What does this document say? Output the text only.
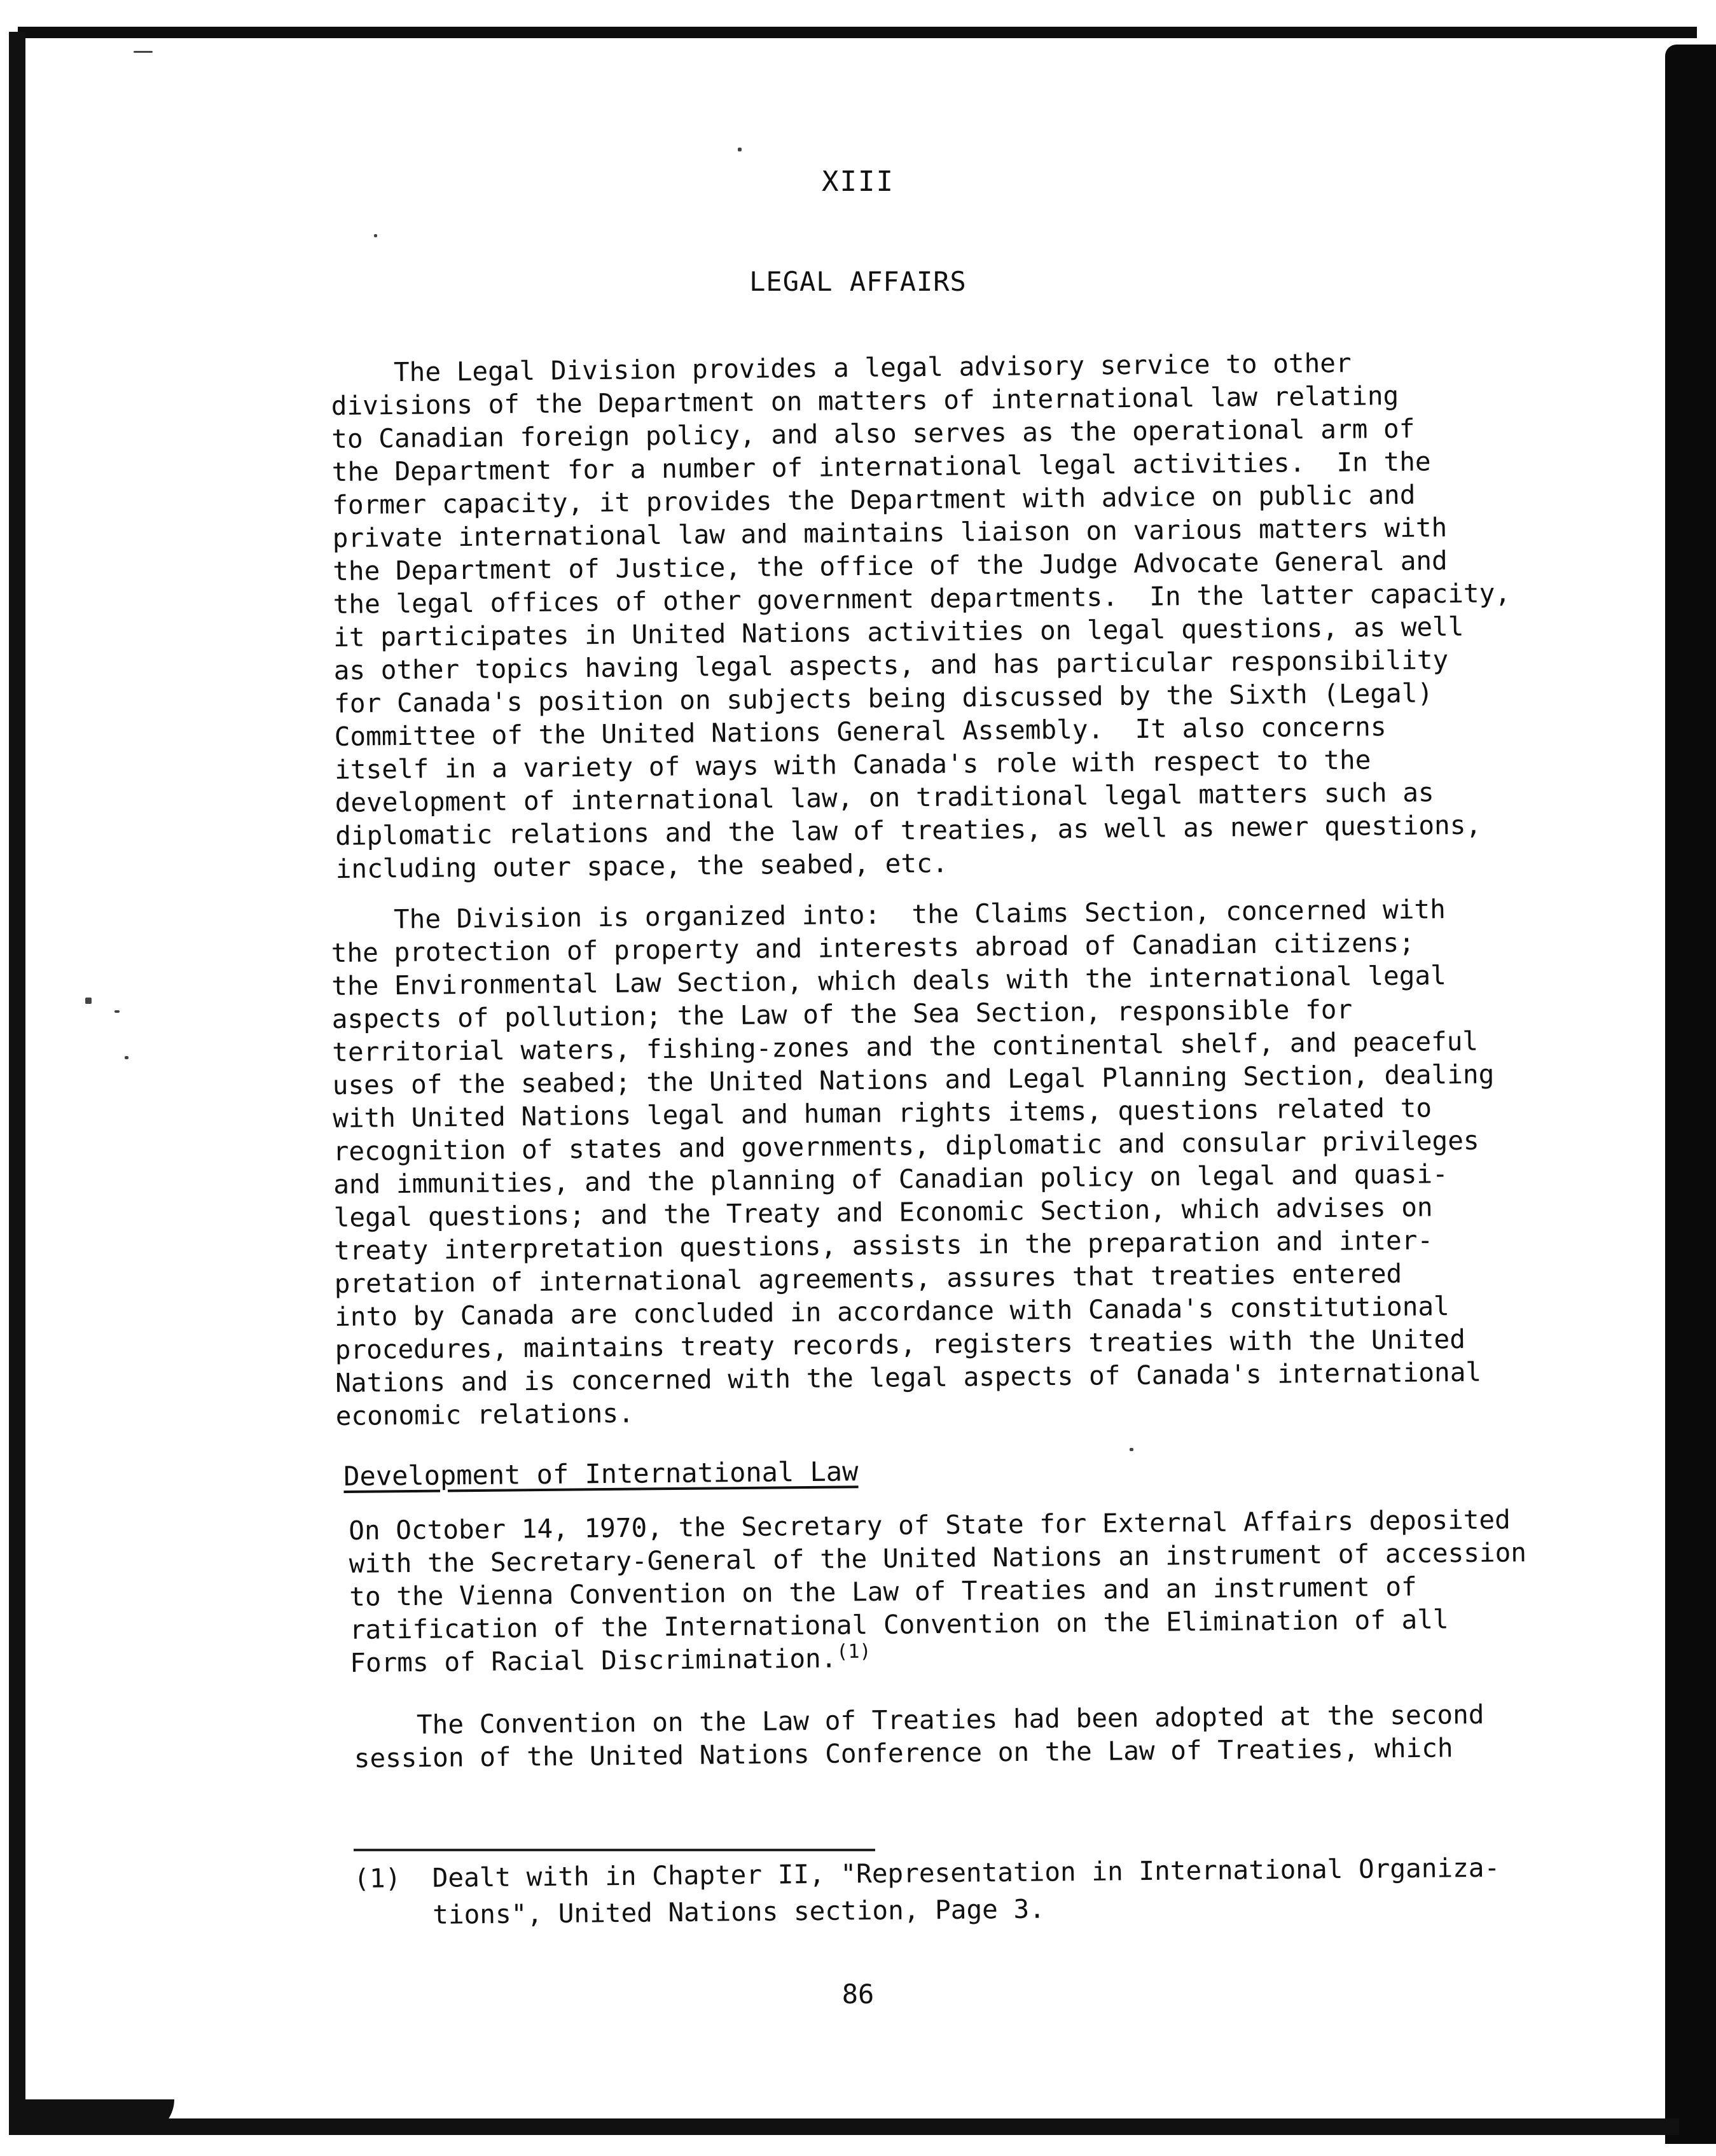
XIII
LEGAL AFFAIRS
The Legal Division provides a legal advisory service to other
divisions of the Department on matters of international law relating
to Canadian foreign policy, and also serves as the operational arm of
the Department for a number of international legal activities.  In the
former capacity, it provides the Department with advice on public and
private international law and maintains liaison on various matters with
the Department of Justice, the office of the Judge Advocate General and
the legal offices of other government departments.  In the latter capacity,
it participates in United Nations activities on legal questions, as well
as other topics having legal aspects, and has particular responsibility
for Canada's position on subjects being discussed by the Sixth (Legal)
Committee of the United Nations General Assembly.  It also concerns
itself in a variety of ways with Canada's role with respect to the
development of international law, on traditional legal matters such as
diplomatic relations and the law of treaties, as well as newer questions,
including outer space, the seabed, etc.
The Division is organized into:  the Claims Section, concerned with
the protection of property and interests abroad of Canadian citizens;
the Environmental Law Section, which deals with the international legal
aspects of pollution; the Law of the Sea Section, responsible for
territorial waters, fishing-zones and the continental shelf, and peaceful
uses of the seabed; the United Nations and Legal Planning Section, dealing
with United Nations legal and human rights items, questions related to
recognition of states and governments, diplomatic and consular privileges
and immunities, and the planning of Canadian policy on legal and quasi-
legal questions; and the Treaty and Economic Section, which advises on
treaty interpretation questions, assists in the preparation and inter-
pretation of international agreements, assures that treaties entered
into by Canada are concluded in accordance with Canada's constitutional
procedures, maintains treaty records, registers treaties with the United
Nations and is concerned with the legal aspects of Canada's international
economic relations.
Development of International Law
On October 14, 1970, the Secretary of State for External Affairs deposited
with the Secretary-General of the United Nations an instrument of accession
to the Vienna Convention on the Law of Treaties and an instrument of
ratification of the International Convention on the Elimination of all
Forms of Racial Discrimination.$^{(1)}$
The Convention on the Law of Treaties had been adopted at the second
session of the United Nations Conference on the Law of Treaties, which
(1)  Dealt with in Chapter II, "Representation in International Organiza-
tions", United Nations section, Page 3.
86
